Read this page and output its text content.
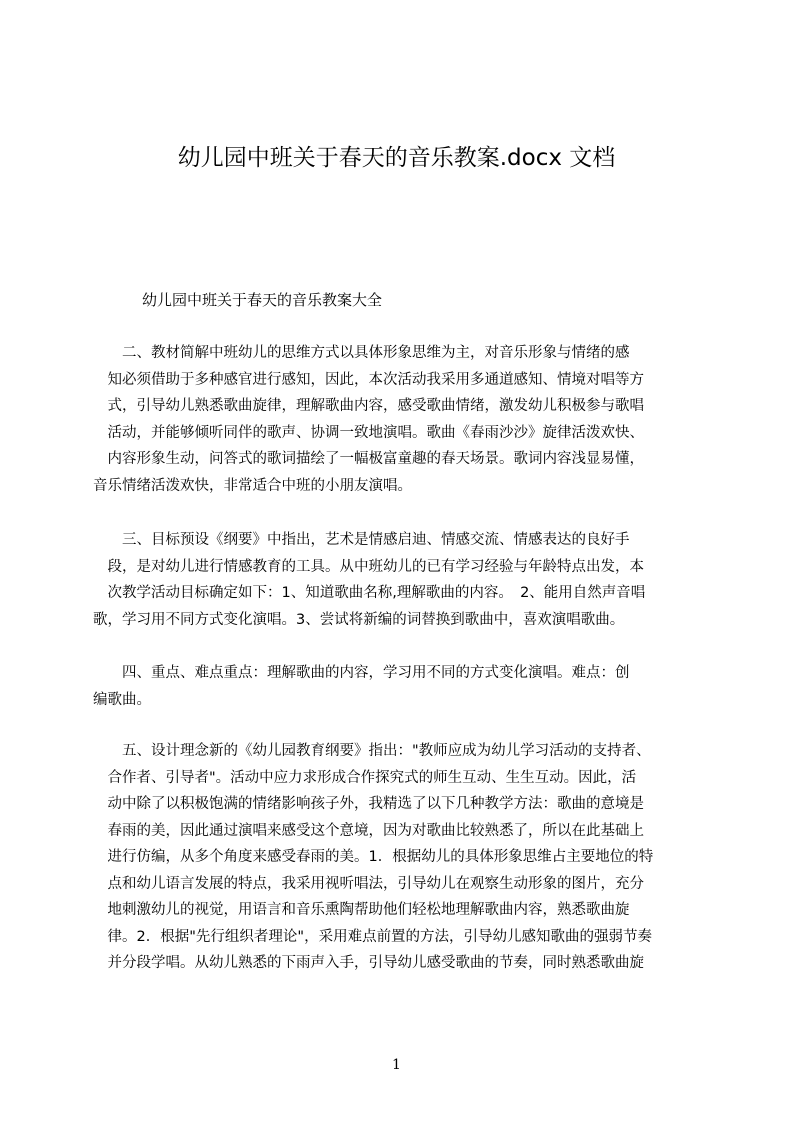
幼儿园中班关于春天的音乐教案.docx 文档
幼儿园中班关于春天的音乐教案大全
　　二、教材简解中班幼儿的思维方式以具体形象思维为主，对音乐形象与情绪的感
　知必须借助于多种感官进行感知，因此，本次活动我采用多通道感知、情境对唱等方
　式，引导幼儿熟悉歌曲旋律，理解歌曲内容，感受歌曲情绪，激发幼儿积极参与歌唱
　活动，并能够倾听同伴的歌声、协调一致地演唱。歌曲《春雨沙沙》旋律活泼欢快、
　内容形象生动，问答式的歌词描绘了一幅极富童趣的春天场景。歌词内容浅显易懂，
音乐情绪活泼欢快，非常适合中班的小朋友演唱。
　　三、目标预设《纲要》中指出，艺术是情感启迪、情感交流、情感表达的良好手
　段，是对幼儿进行情感教育的工具。从中班幼儿的已有学习经验与年龄特点出发，本
　次教学活动目标确定如下：1、知道歌曲名称,理解歌曲的内容。　2、能用自然声音唱
歌，学习用不同方式变化演唱。3、尝试将新编的词替换到歌曲中，喜欢演唱歌曲。
　　四、重点、难点重点：理解歌曲的内容，学习用不同的方式变化演唱。难点：创
编歌曲。
　　五、设计理念新的《幼儿园教育纲要》指出："教师应成为幼儿学习活动的支持者、
　合作者、引导者"。活动中应力求形成合作探究式的师生互动、生生互动。因此，活
　动中除了以积极饱满的情绪影响孩子外，我精选了以下几种教学方法：歌曲的意境是
　春雨的美，因此通过演唱来感受这个意境，因为对歌曲比较熟悉了，所以在此基础上
　进行仿编，从多个角度来感受春雨的美。1．根据幼儿的具体形象思维占主要地位的特
　点和幼儿语言发展的特点，我采用视听唱法，引导幼儿在观察生动形象的图片，充分
　地刺激幼儿的视觉，用语言和音乐熏陶帮助他们轻松地理解歌曲内容，熟悉歌曲旋
　律。2．根据"先行组织者理论"，采用难点前置的方法，引导幼儿感知歌曲的强弱节奏
　并分段学唱。从幼儿熟悉的下雨声入手，引导幼儿感受歌曲的节奏，同时熟悉歌曲旋
1
